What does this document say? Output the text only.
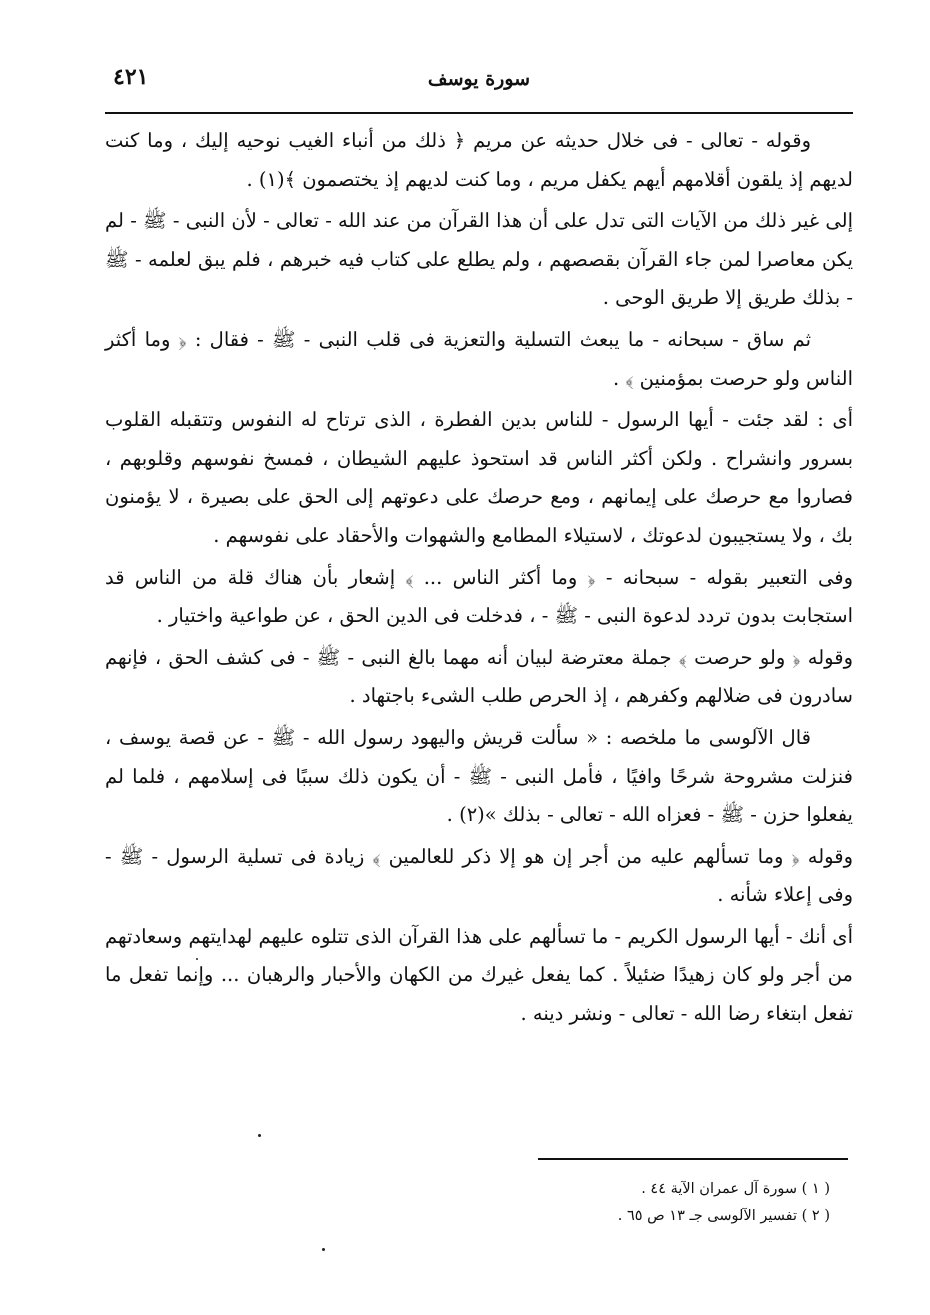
٤٢١	سورة يوسف

وقوله - تعالى - فى خلال حديثه عن مريم ﴿ ذلك من أنباء الغيب نوحيه إليك ، وما كنت لديهم إذ يلقون أقلامهم أيهم يكفل مريم ، وما كنت لديهم إذ يختصمون ﴾(١) .

إلى غير ذلك من الآيات التى تدل على أن هذا القرآن من عند الله - تعالى - لأن النبى - ﷺ - لم يكن معاصرا لمن جاء القرآن بقصصهم ، ولم يطلع على كتاب فيه خبرهم ، فلم يبق لعلمه - ﷺ - بذلك طريق إلا طريق الوحى .

ثم ساق - سبحانه - ما يبعث التسلية والتعزية فى قلب النبى - ﷺ - فقال : ﴿ وما أكثر الناس ولو حرصت بمؤمنين ﴾ .

أى : لقد جئت - أيها الرسول - للناس بدين الفطرة ، الذى ترتاح له النفوس وتتقبله القلوب بسرور وانشراح . ولكن أكثر الناس قد استحوذ عليهم الشيطان ، فمسخ نفوسهم وقلوبهم ، فصاروا مع حرصك على إيمانهم ، ومع حرصك على دعوتهم إلى الحق على بصيرة ، لا يؤمنون بك ، ولا يستجيبون لدعوتك ، لاستيلاء المطامع والشهوات والأحقاد على نفوسهم .

وفى التعبير بقوله - سبحانه - ﴿ وما أكثر الناس ... ﴾ إشعار بأن هناك قلة من الناس قد استجابت بدون تردد لدعوة النبى - ﷺ - ، فدخلت فى الدين الحق ، عن طواعية واختيار .

وقوله ﴿ ولو حرصت ﴾ جملة معترضة لبيان أنه مهما بالغ النبى - ﷺ - فى كشف الحق ، فإنهم سادرون فى ضلالهم وكفرهم ، إذ الحرص طلب الشىء باجتهاد .

قال الآلوسى ما ملخصه : « سألت قريش واليهود رسول الله - ﷺ - عن قصة يوسف ، فنزلت مشروحة شرحًا وافيًا ، فأمل النبى - ﷺ - أن يكون ذلك سببًا فى إسلامهم ، فلما لم يفعلوا حزن - ﷺ - فعزاه الله - تعالى - بذلك »(٢) .

وقوله ﴿ وما تسألهم عليه من أجر إن هو إلا ذكر للعالمين ﴾ زيادة فى تسلية الرسول - ﷺ - وفى إعلاء شأنه .

أى أنك - أيها الرسول الكريم - ما تسألهم على هذا القرآن الذى تتلوه عليهم لهدايتهم وسعادتهم من أجر ولو كان زهيدًا ضئيلاً . كما يفعل غيرك من الكهان والأحبار والرهبان ... وإنما تفعل ما تفعل ابتغاء رضا الله - تعالى - ونشر دينه .

( ١ ) سورة آل عمران الآية ٤٤ .
( ٢ ) تفسير الآلوسى جـ ١٣ ص ٦٥ .
